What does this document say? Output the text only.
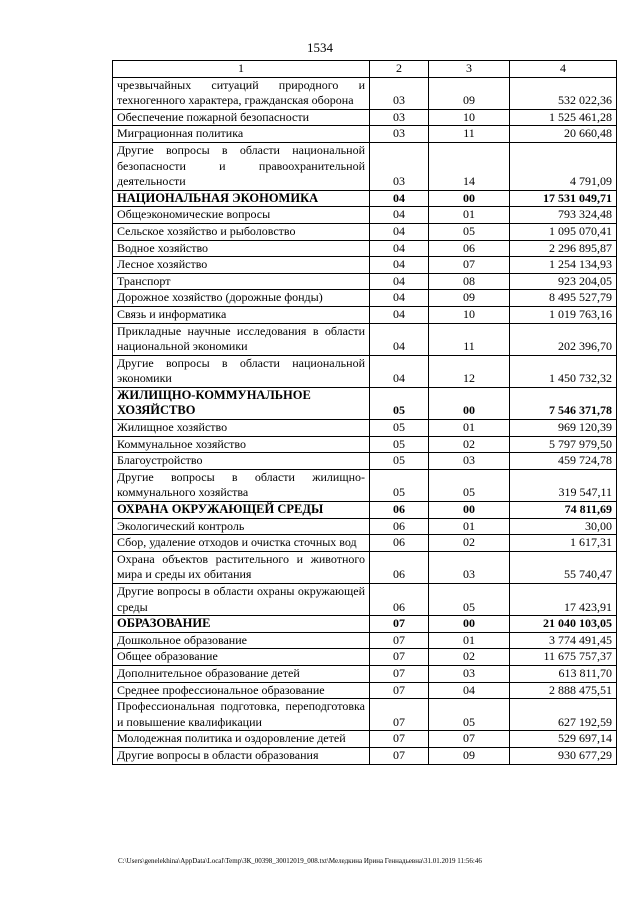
1534
1	2	3	4
чрезвычайных ситуаций природного и техногенного характера, гражданская оборона	03	09	532 022,36
Обеспечение пожарной безопасности	03	10	1 525 461,28
Миграционная политика	03	11	20 660,48
Другие вопросы в области национальной безопасности и правоохранительной деятельности	03	14	4 791,09
НАЦИОНАЛЬНАЯ ЭКОНОМИКА	04	00	17 531 049,71
Общеэкономические вопросы	04	01	793 324,48
Сельское хозяйство и рыболовство	04	05	1 095 070,41
Водное хозяйство	04	06	2 296 895,87
Лесное хозяйство	04	07	1 254 134,93
Транспорт	04	08	923 204,05
Дорожное хозяйство (дорожные фонды)	04	09	8 495 527,79
Связь и информатика	04	10	1 019 763,16
Прикладные научные исследования в области национальной экономики	04	11	202 396,70
Другие вопросы в области национальной экономики	04	12	1 450 732,32
ЖИЛИЩНО-КОММУНАЛЬНОЕ ХОЗЯЙСТВО	05	00	7 546 371,78
Жилищное хозяйство	05	01	969 120,39
Коммунальное хозяйство	05	02	5 797 979,50
Благоустройство	05	03	459 724,78
Другие вопросы в области жилищно-коммунального хозяйства	05	05	319 547,11
ОХРАНА ОКРУЖАЮЩЕЙ СРЕДЫ	06	00	74 811,69
Экологический контроль	06	01	30,00
Сбор, удаление отходов и очистка сточных вод	06	02	1 617,31
Охрана объектов растительного и животного мира и среды их обитания	06	03	55 740,47
Другие вопросы в области охраны окружающей среды	06	05	17 423,91
ОБРАЗОВАНИЕ	07	00	21 040 103,05
Дошкольное образование	07	01	3 774 491,45
Общее образование	07	02	11 675 757,37
Дополнительное образование детей	07	03	613 811,70
Среднее профессиональное образование	07	04	2 888 475,51
Профессиональная подготовка, переподготовка и повышение квалификации	07	05	627 192,59
Молодежная политика и оздоровление детей	07	07	529 697,14
Другие вопросы в области образования	07	09	930 677,29
C:\Users\genelekhina\AppData\Local\Temp\ЗК_00398_30012019_008.txt\Меледкина Ирина Геннадьевна\31.01.2019 11:56:46
